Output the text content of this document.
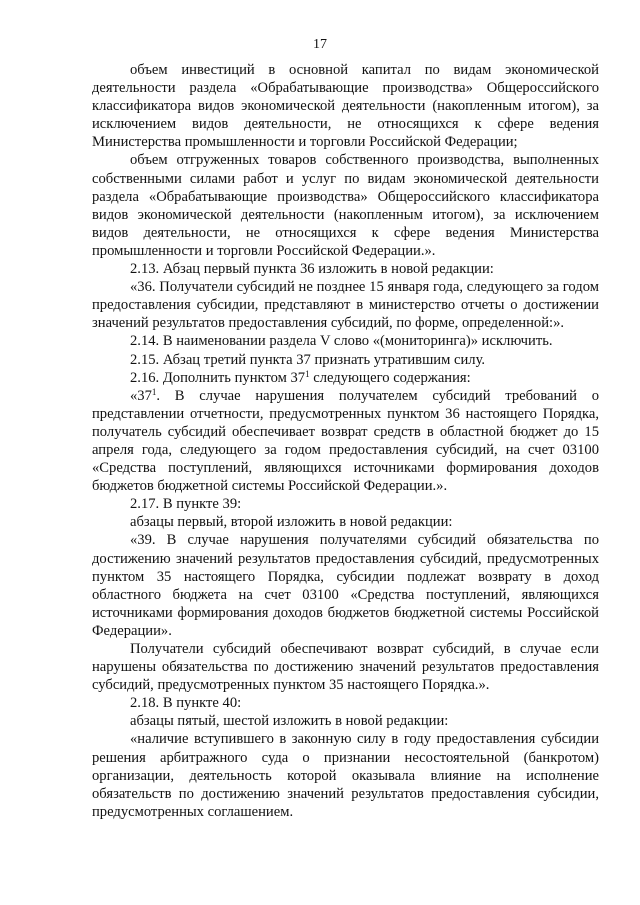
17

объем инвестиций в основной капитал по видам экономической деятельности раздела «Обрабатывающие производства» Общероссийского классификатора видов экономической деятельности (накопленным итогом), за исключением видов деятельности, не относящихся к сфере ведения Министерства промышленности и торговли Российской Федерации;

объем отгруженных товаров собственного производства, выполненных собственными силами работ и услуг по видам экономической деятельности раздела «Обрабатывающие производства» Общероссийского классификатора видов экономической деятельности (накопленным итогом), за исключением видов деятельности, не относящихся к сфере ведения Министерства промышленности и торговли Российской Федерации.».

2.13. Абзац первый пункта 36 изложить в новой редакции:

«36. Получатели субсидий не позднее 15 января года, следующего за годом предоставления субсидии, представляют в министерство отчеты о достижении значений результатов предоставления субсидий, по форме, определенной:».

2.14. В наименовании раздела V слово «(мониторинга)» исключить.

2.15. Абзац третий пункта 37 признать утратившим силу.

2.16. Дополнить пунктом $37^1$ следующего содержания:

«$37^1$. В случае нарушения получателем субсидий требований о представлении отчетности, предусмотренных пунктом 36 настоящего Порядка, получатель субсидий обеспечивает возврат средств в областной бюджет до 15 апреля года, следующего за годом предоставления субсидий, на счет 03100 «Средства поступлений, являющихся источниками формирования доходов бюджетов бюджетной системы Российской Федерации.».

2.17. В пункте 39:

абзацы первый, второй изложить в новой редакции:

«39. В случае нарушения получателями субсидий обязательства по достижению значений результатов предоставления субсидий, предусмотренных пунктом 35 настоящего Порядка, субсидии подлежат возврату в доход областного бюджета на счет 03100 «Средства поступлений, являющихся источниками формирования доходов бюджетов бюджетной системы Российской Федерации».

Получатели субсидий обеспечивают возврат субсидий, в случае если нарушены обязательства по достижению значений результатов предоставления субсидий, предусмотренных пунктом 35 настоящего Порядка.».

2.18. В пункте 40:

абзацы пятый, шестой изложить в новой редакции:

«наличие вступившего в законную силу в году предоставления субсидии решения арбитражного суда о признании несостоятельной (банкротом) организации, деятельность которой оказывала влияние на исполнение обязательств по достижению значений результатов предоставления субсидии, предусмотренных соглашением.
